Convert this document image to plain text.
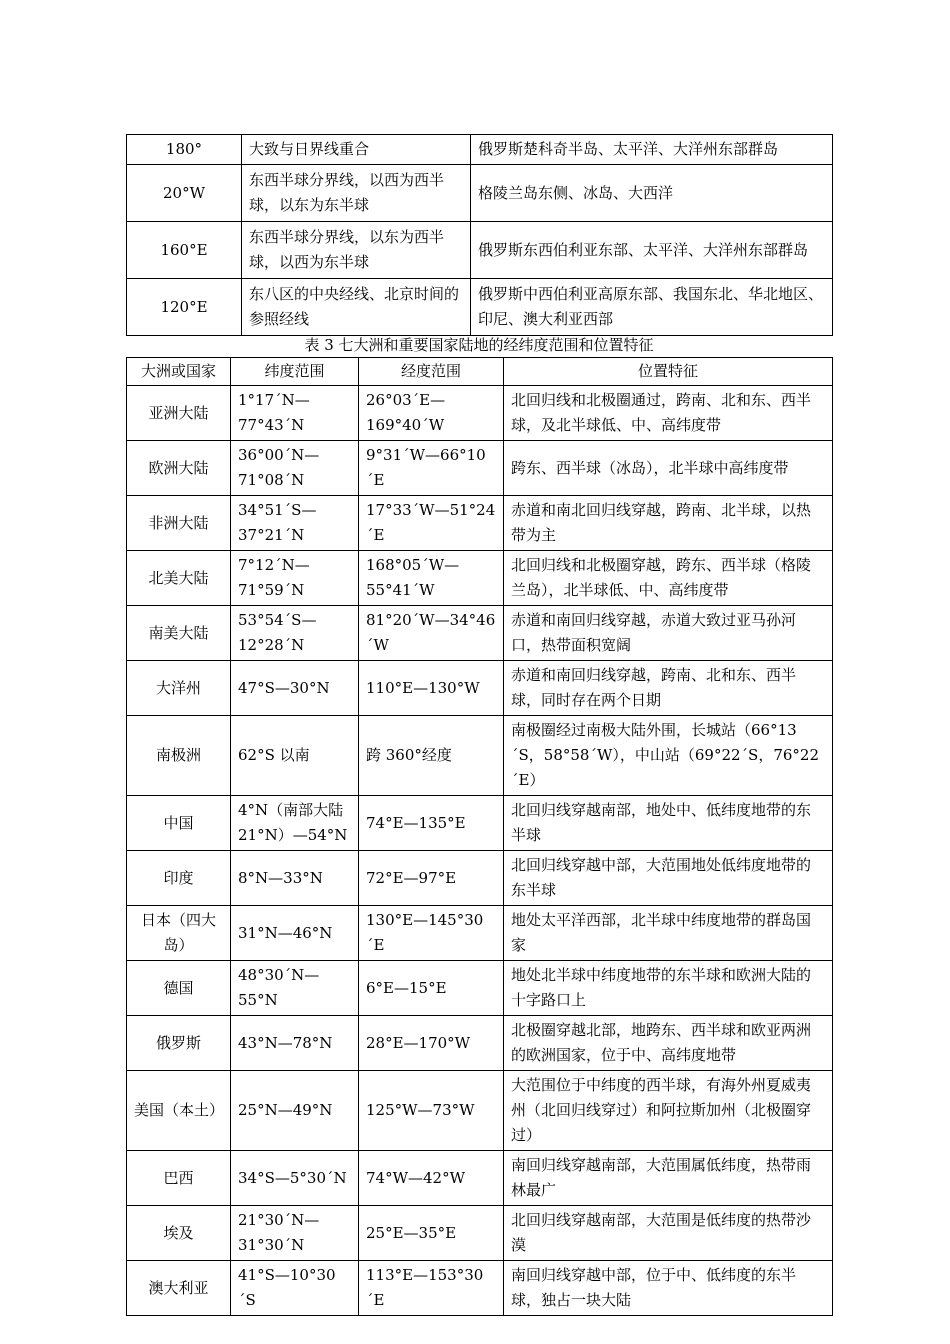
180°	大致与日界线重合	俄罗斯楚科奇半岛、太平洋、大洋州东部群岛
20°W	东西半球分界线，以西为西半球，以东为东半球	格陵兰岛东侧、冰岛、大西洋
160°E	东西半球分界线，以东为西半球，以西为东半球	俄罗斯东西伯利亚东部、太平洋、大洋州东部群岛
120°E	东八区的中央经线、北京时间的参照经线	俄罗斯中西伯利亚高原东部、我国东北、华北地区、印尼、澳大利亚西部
表 3 七大洲和重要国家陆地的经纬度范围和位置特征
大洲或国家	纬度范围	经度范围	位置特征
亚洲大陆	1°17´N—77°43´N	26°03´E—169°40´W	北回归线和北极圈通过，跨南、北和东、西半球，及北半球低、中、高纬度带
欧洲大陆	36°00´N—71°08´N	9°31´W—66°10´E	跨东、西半球（冰岛），北半球中高纬度带
非洲大陆	34°51´S—37°21´N	17°33´W—51°24´E	赤道和南北回归线穿越，跨南、北半球，以热带为主
北美大陆	7°12´N—71°59´N	168°05´W—55°41´W	北回归线和北极圈穿越，跨东、西半球（格陵兰岛），北半球低、中、高纬度带
南美大陆	53°54´S—12°28´N	81°20´W—34°46´W	赤道和南回归线穿越，赤道大致过亚马孙河口，热带面积宽阔
大洋州	47°S—30°N	110°E—130°W	赤道和南回归线穿越，跨南、北和东、西半球，同时存在两个日期
南极洲	62°S 以南	跨 360°经度	南极圈经过南极大陆外围，长城站（66°13´S，58°58´W），中山站（69°22´S，76°22´E）
中国	4°N（南部大陆 21°N）—54°N	74°E—135°E	北回归线穿越南部，地处中、低纬度地带的东半球
印度	8°N—33°N	72°E—97°E	北回归线穿越中部，大范围地处低纬度地带的东半球
日本（四大岛）	31°N—46°N	130°E—145°30´E	地处太平洋西部，北半球中纬度地带的群岛国家
德国	48°30´N—55°N	6°E—15°E	地处北半球中纬度地带的东半球和欧洲大陆的十字路口上
俄罗斯	43°N—78°N	28°E—170°W	北极圈穿越北部，地跨东、西半球和欧亚两洲的欧洲国家，位于中、高纬度地带
美国（本土）	25°N—49°N	125°W—73°W	大范围位于中纬度的西半球，有海外州夏威夷州（北回归线穿过）和阿拉斯加州（北极圈穿过）
巴西	34°S—5°30´N	74°W—42°W	南回归线穿越南部，大范围属低纬度，热带雨林最广
埃及	21°30´N—31°30´N	25°E—35°E	北回归线穿越南部，大范围是低纬度的热带沙漠
澳大利亚	41°S—10°30´S	113°E—153°30´E	南回归线穿越中部，位于中、低纬度的东半球，独占一块大陆
